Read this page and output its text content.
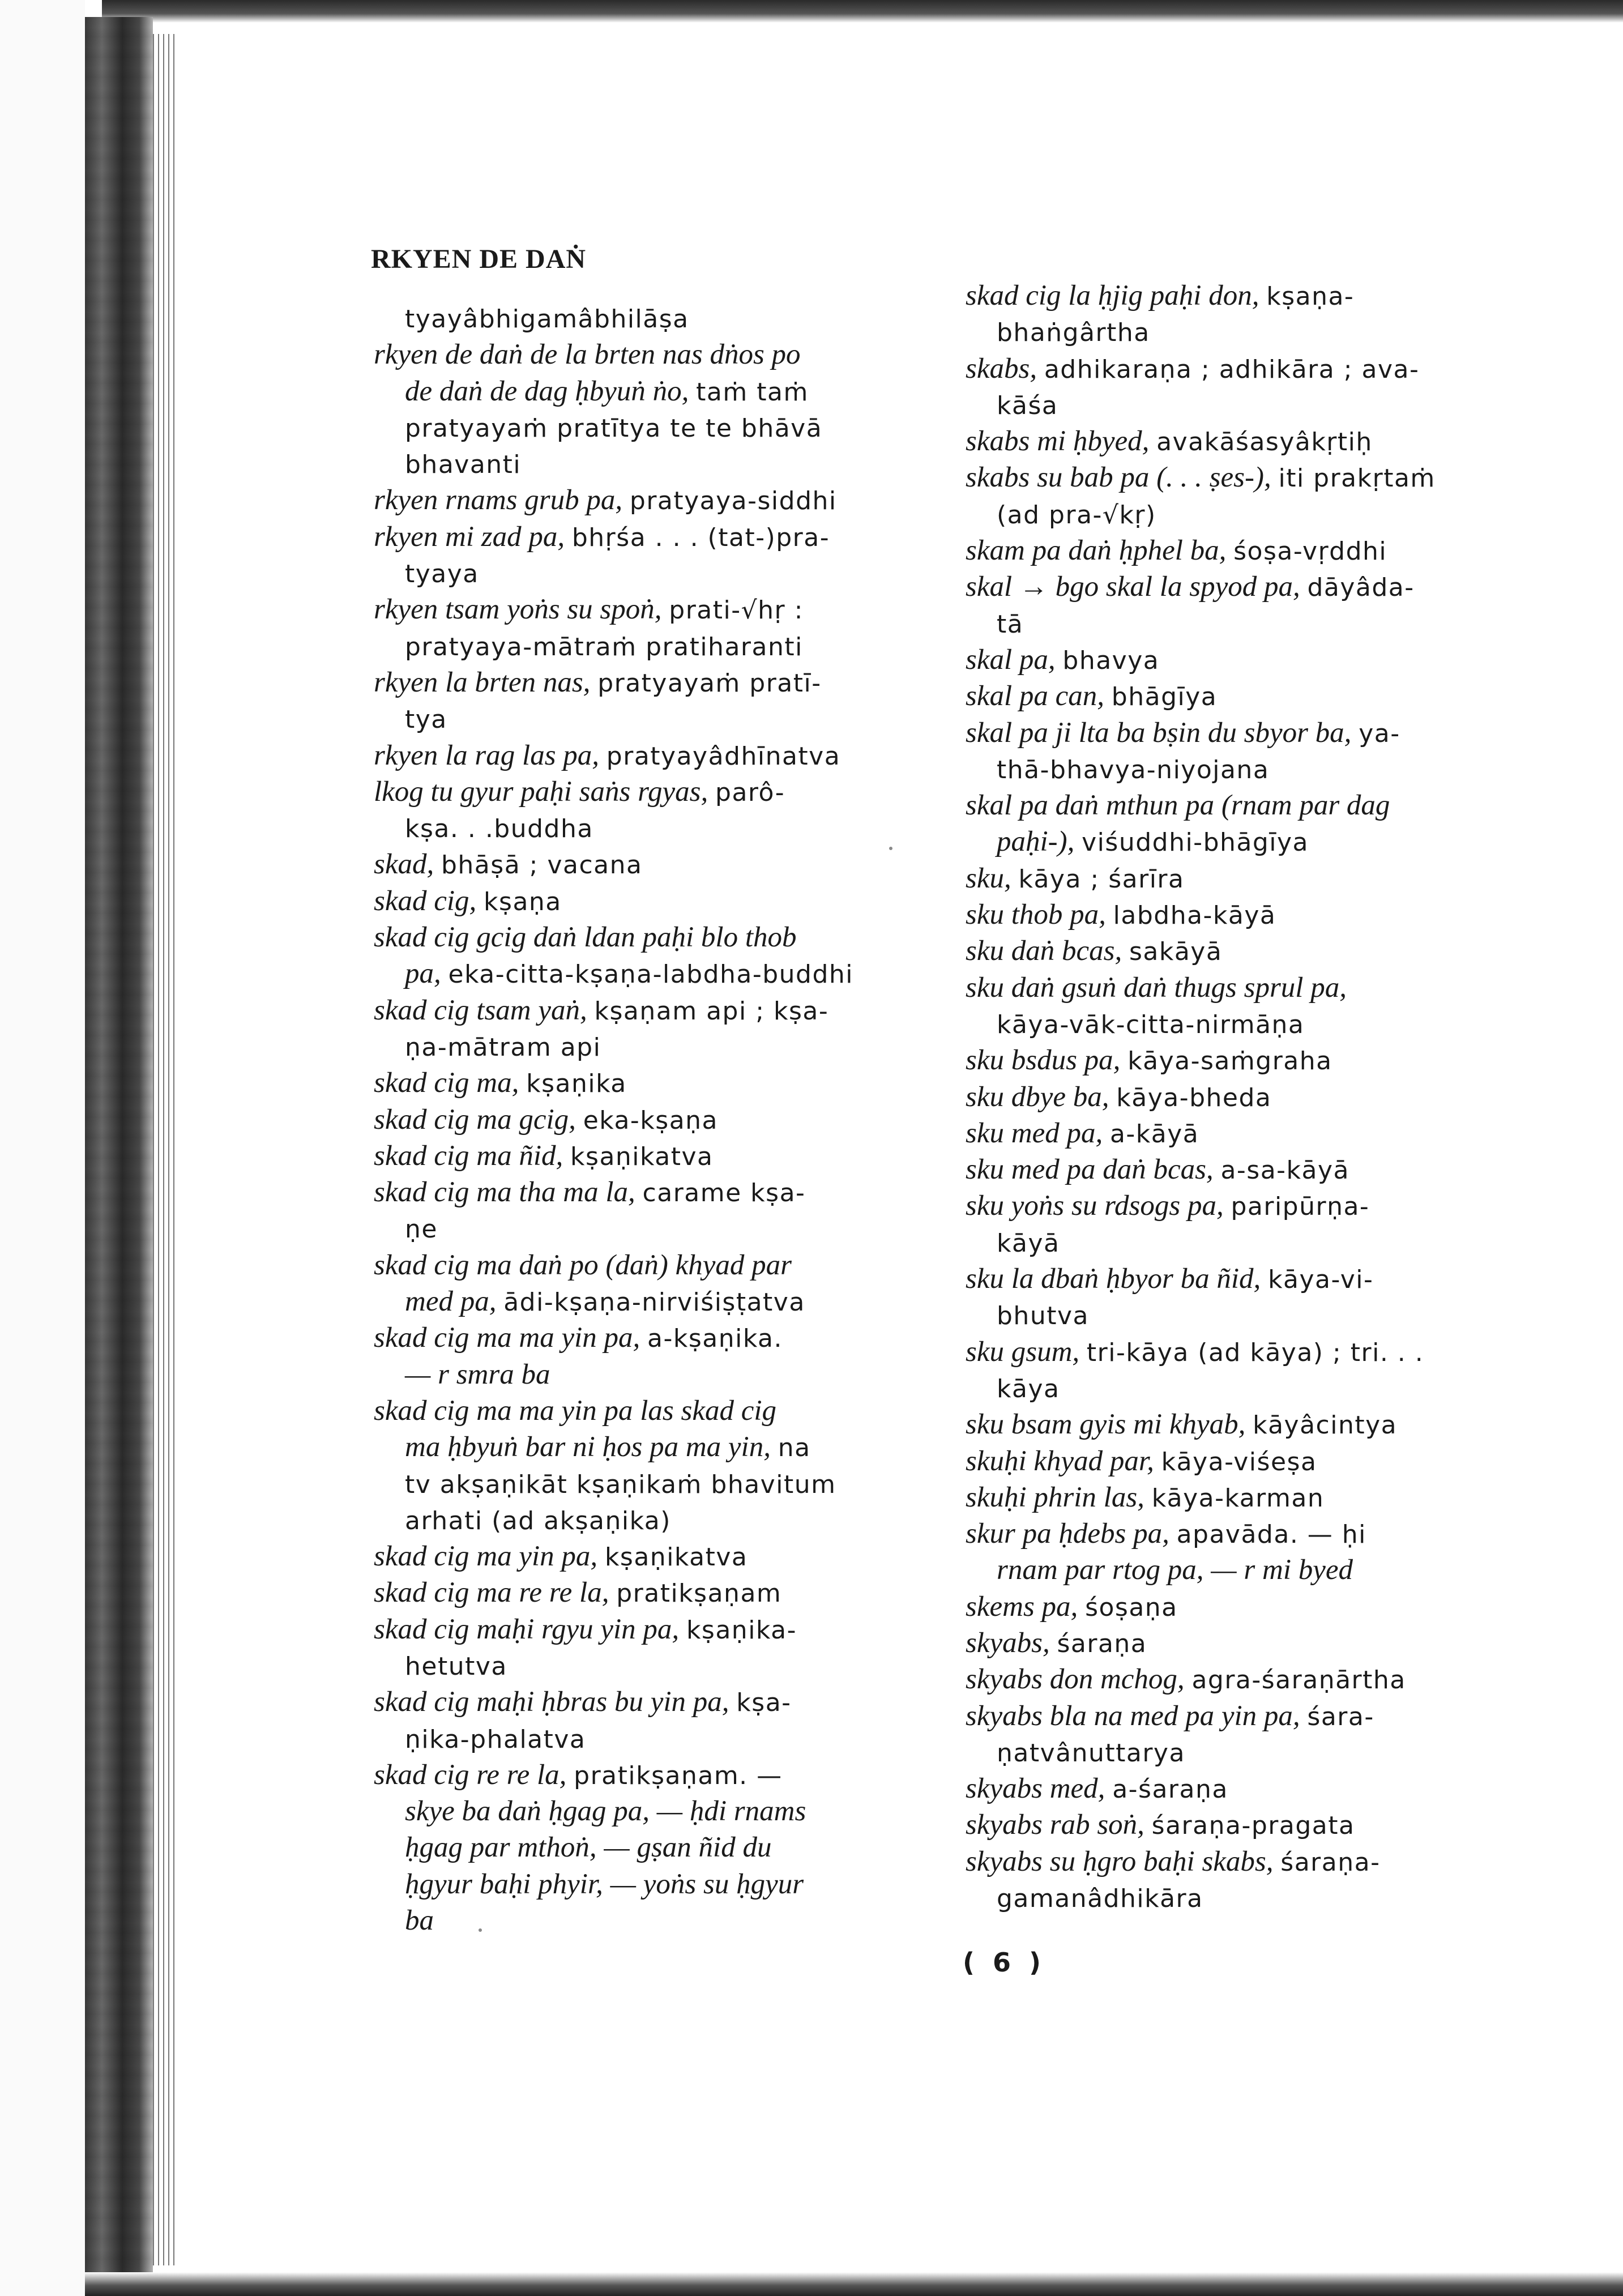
RKYEN DE DAṄ
tyayâbhigamâbhilāṣa
rkyen de daṅ de la brten nas dṅos po
de daṅ de dag ḥbyuṅ ṅo, taṁ taṁ
pratyayaṁ pratītya te te bhāvā
bhavanti
rkyen rnams grub pa, pratyaya-siddhi
rkyen mi zad pa, bhṛśa . . . (tat-)pra-
tyaya
rkyen tsam yoṅs su spoṅ, prati-√hṛ :
pratyaya-mātraṁ pratiharanti
rkyen la brten nas, pratyayaṁ pratī-
tya
rkyen la rag las pa, pratyayâdhīnatva
lkog tu gyur paḥi saṅs rgyas, parô-
kṣa. . .buddha
skad, bhāṣā ; vacana
skad cig, kṣaṇa
skad cig gcig daṅ ldan paḥi blo thob
pa, eka-citta-kṣaṇa-labdha-buddhi
skad cig tsam yaṅ, kṣaṇam api ; kṣa-
ṇa-mātram api
skad cig ma, kṣaṇika
skad cig ma gcig, eka-kṣaṇa
skad cig ma ñid, kṣaṇikatva
skad cig ma tha ma la, carame kṣa-
ṇe
skad cig ma daṅ po (daṅ) khyad par
med pa, ādi-kṣaṇa-nirviśiṣṭatva
skad cig ma ma yin pa, a-kṣaṇika.
— r smra ba
skad cig ma ma yin pa las skad cig
ma ḥbyuṅ bar ni ḥos pa ma yin, na
tv akṣaṇikāt kṣaṇikaṁ bhavitum
arhati (ad akṣaṇika)
skad cig ma yin pa, kṣaṇikatva
skad cig ma re re la, pratikṣaṇam
skad cig maḥi rgyu yin pa, kṣaṇika-
hetutva
skad cig maḥi ḥbras bu yin pa, kṣa-
ṇika-phalatva
skad cig re re la, pratikṣaṇam. —
skye ba daṅ ḥgag pa, — ḥdi rnams
ḥgag par mthoṅ, — gṣan ñid du
ḥgyur baḥi phyir, — yoṅs su ḥgyur
ba
skad cig la ḥjig paḥi don, kṣaṇa-
bhaṅgârtha
skabs, adhikaraṇa ; adhikāra ; ava-
kāśa
skabs mi ḥbyed, avakāśasyâkṛtiḥ
skabs su bab pa (. . . ṣes-), iti prakṛtaṁ
(ad pra-√kṛ)
skam pa daṅ ḥphel ba, śoṣa-vṛddhi
skal → bgo skal la spyod pa, dāyâda-
tā
skal pa, bhavya
skal pa can, bhāgīya
skal pa ji lta ba bṣin du sbyor ba, ya-
thā-bhavya-niyojana
skal pa daṅ mthun pa (rnam par dag
paḥi-), viśuddhi-bhāgīya
sku, kāya ; śarīra
sku thob pa, labdha-kāyā
sku daṅ bcas, sakāyā
sku daṅ gsuṅ daṅ thugs sprul pa,
kāya-vāk-citta-nirmāṇa
sku bsdus pa, kāya-saṁgraha
sku dbye ba, kāya-bheda
sku med pa, a-kāyā
sku med pa daṅ bcas, a-sa-kāyā
sku yoṅs su rdsogs pa, paripūrṇa-
kāyā
sku la dbaṅ ḥbyor ba ñid, kāya-vi-
bhutva
sku gsum, tri-kāya (ad kāya) ; tri. . .
kāya
sku bsam gyis mi khyab, kāyâcintya
skuḥi khyad par, kāya-viśeṣa
skuḥi phrin las, kāya-karman
skur pa ḥdebs pa, apavāda. — ḥi
rnam par rtog pa, — r mi byed
skems pa, śoṣaṇa
skyabs, śaraṇa
skyabs don mchog, agra-śaraṇārtha
skyabs bla na med pa yin pa, śara-
ṇatvânuttarya
skyabs med, a-śaraṇa
skyabs rab soṅ, śaraṇa-pragata
skyabs su ḥgro baḥi skabs, śaraṇa-
gamanâdhikāra
( 6 )
